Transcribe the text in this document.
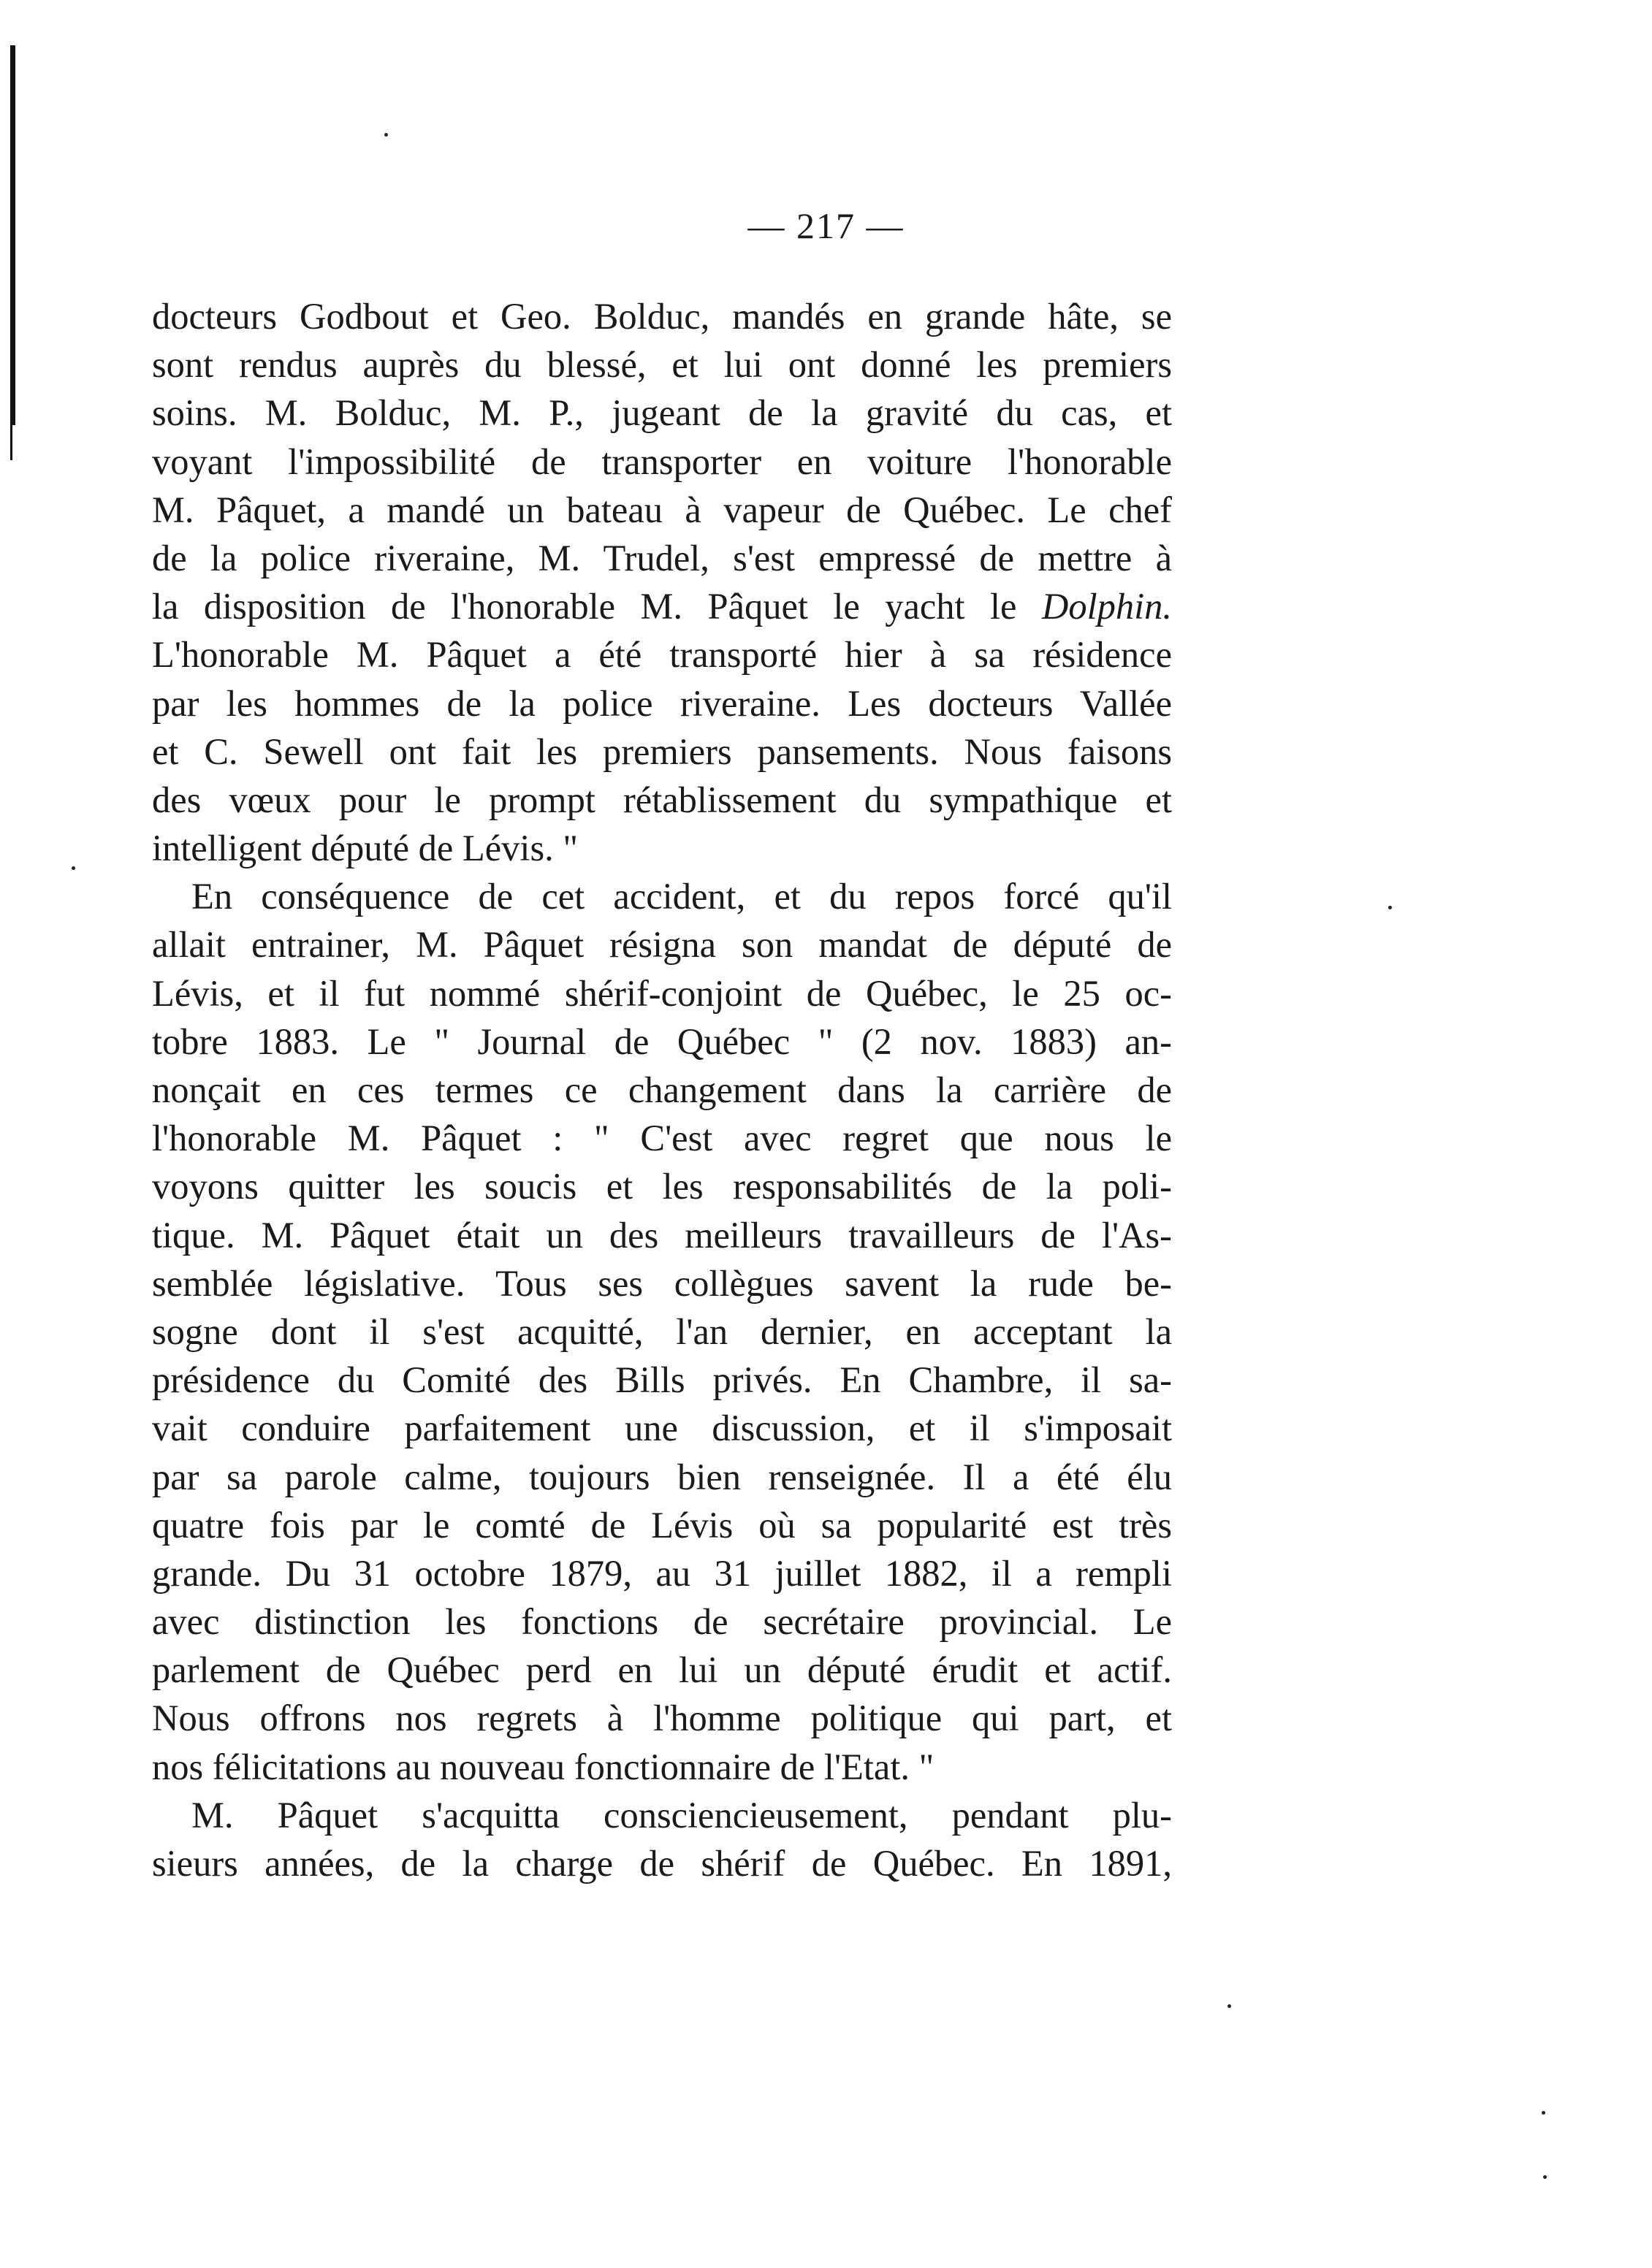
— 217 —
docteurs Godbout et Geo. Bolduc, mandés en grande hâte, se
sont rendus auprès du blessé, et lui ont donné les premiers
soins. M. Bolduc, M. P., jugeant de la gravité du cas, et
voyant l'impossibilité de transporter en voiture l'honorable
M. Pâquet, a mandé un bateau à vapeur de Québec. Le chef
de la police riveraine, M. Trudel, s'est empressé de mettre à
la disposition de l'honorable M. Pâquet le yacht le Dolphin.
L'honorable M. Pâquet a été transporté hier à sa résidence
par les hommes de la police riveraine. Les docteurs Vallée
et C. Sewell ont fait les premiers pansements. Nous faisons
des vœux pour le prompt rétablissement du sympathique et
intelligent député de Lévis. "
En conséquence de cet accident, et du repos forcé qu'il
allait entrainer, M. Pâquet résigna son mandat de député de
Lévis, et il fut nommé shérif-conjoint de Québec, le 25 oc-
tobre 1883. Le " Journal de Québec " (2 nov. 1883) an-
nonçait en ces termes ce changement dans la carrière de
l'honorable M. Pâquet : " C'est avec regret que nous le
voyons quitter les soucis et les responsabilités de la poli-
tique. M. Pâquet était un des meilleurs travailleurs de l'As-
semblée législative. Tous ses collègues savent la rude be-
sogne dont il s'est acquitté, l'an dernier, en acceptant la
présidence du Comité des Bills privés. En Chambre, il sa-
vait conduire parfaitement une discussion, et il s'imposait
par sa parole calme, toujours bien renseignée. Il a été élu
quatre fois par le comté de Lévis où sa popularité est très
grande. Du 31 octobre 1879, au 31 juillet 1882, il a rempli
avec distinction les fonctions de secrétaire provincial. Le
parlement de Québec perd en lui un député érudit et actif.
Nous offrons nos regrets à l'homme politique qui part, et
nos félicitations au nouveau fonctionnaire de l'Etat. "
M. Pâquet s'acquitta consciencieusement, pendant plu-
sieurs années, de la charge de shérif de Québec. En 1891,
